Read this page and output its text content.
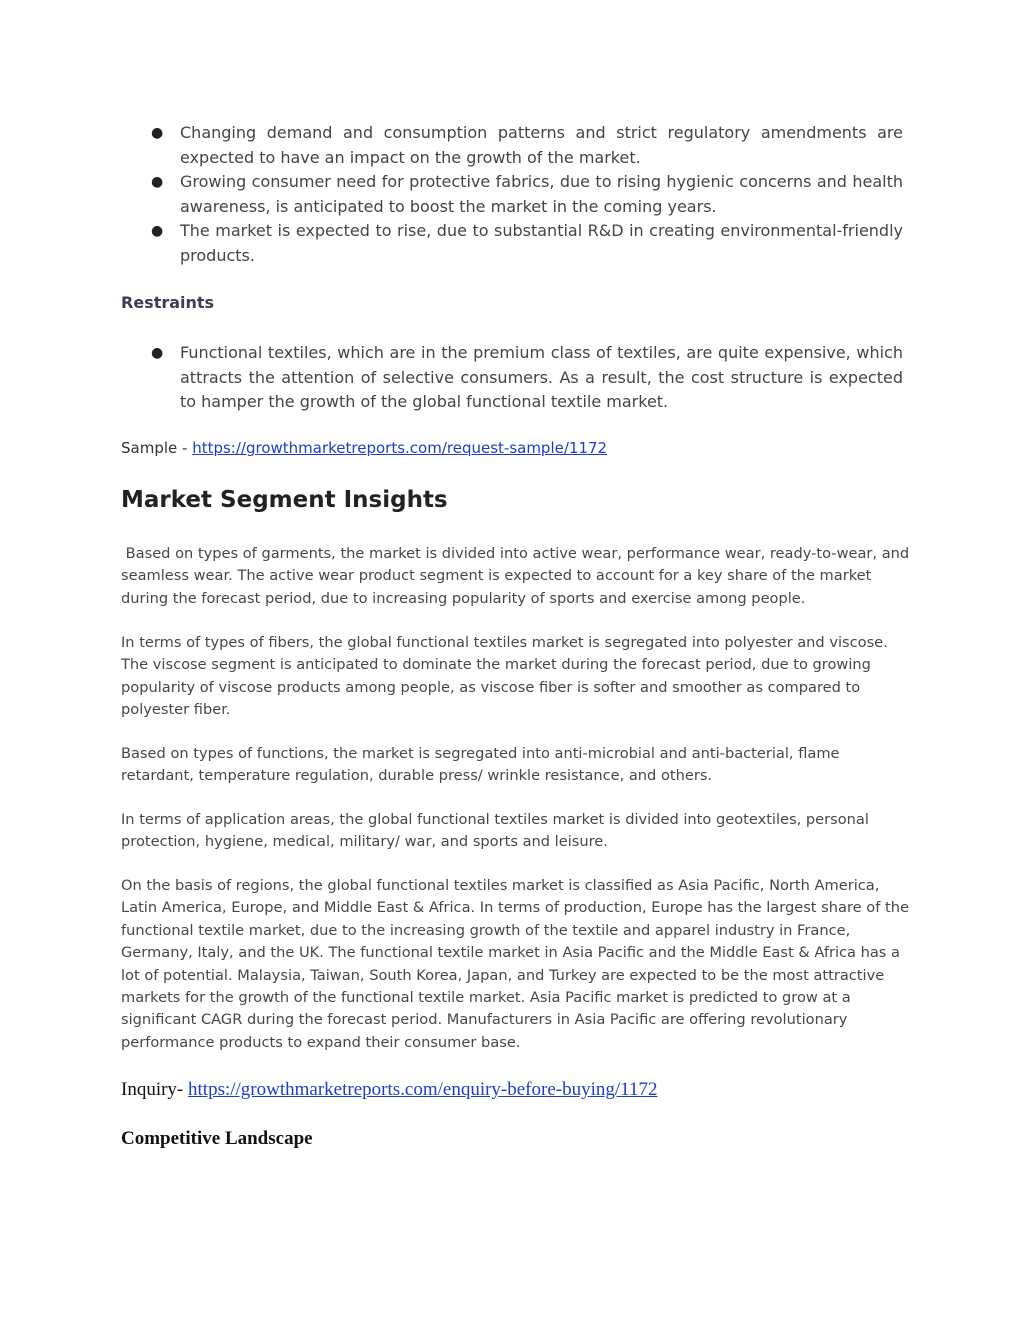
● Changing demand and consumption patterns and strict regulatory amendments are expected to have an impact on the growth of the market.
● Growing consumer need for protective fabrics, due to rising hygienic concerns and health awareness, is anticipated to boost the market in the coming years.
● The market is expected to rise, due to substantial R&D in creating environmental-friendly products.
Restraints
● Functional textiles, which are in the premium class of textiles, are quite expensive, which attracts the attention of selective consumers. As a result, the cost structure is expected to hamper the growth of the global functional textile market.

Sample - https://growthmarketreports.com/request-sample/1172

Market Segment Insights

Based on types of garments, the market is divided into active wear, performance wear, ready-to-wear, and seamless wear. The active wear product segment is expected to account for a key share of the market during the forecast period, due to increasing popularity of sports and exercise among people.

In terms of types of fibers, the global functional textiles market is segregated into polyester and viscose. The viscose segment is anticipated to dominate the market during the forecast period, due to growing popularity of viscose products among people, as viscose fiber is softer and smoother as compared to polyester fiber.

Based on types of functions, the market is segregated into anti-microbial and anti-bacterial, flame retardant, temperature regulation, durable press/ wrinkle resistance, and others.

In terms of application areas, the global functional textiles market is divided into geotextiles, personal protection, hygiene, medical, military/ war, and sports and leisure.

On the basis of regions, the global functional textiles market is classified as Asia Pacific, North America, Latin America, Europe, and Middle East & Africa. In terms of production, Europe has the largest share of the functional textile market, due to the increasing growth of the textile and apparel industry in France, Germany, Italy, and the UK. The functional textile market in Asia Pacific and the Middle East & Africa has a lot of potential. Malaysia, Taiwan, South Korea, Japan, and Turkey are expected to be the most attractive markets for the growth of the functional textile market. Asia Pacific market is predicted to grow at a significant CAGR during the forecast period. Manufacturers in Asia Pacific are offering revolutionary performance products to expand their consumer base.

Inquiry- https://growthmarketreports.com/enquiry-before-buying/1172

Competitive Landscape
